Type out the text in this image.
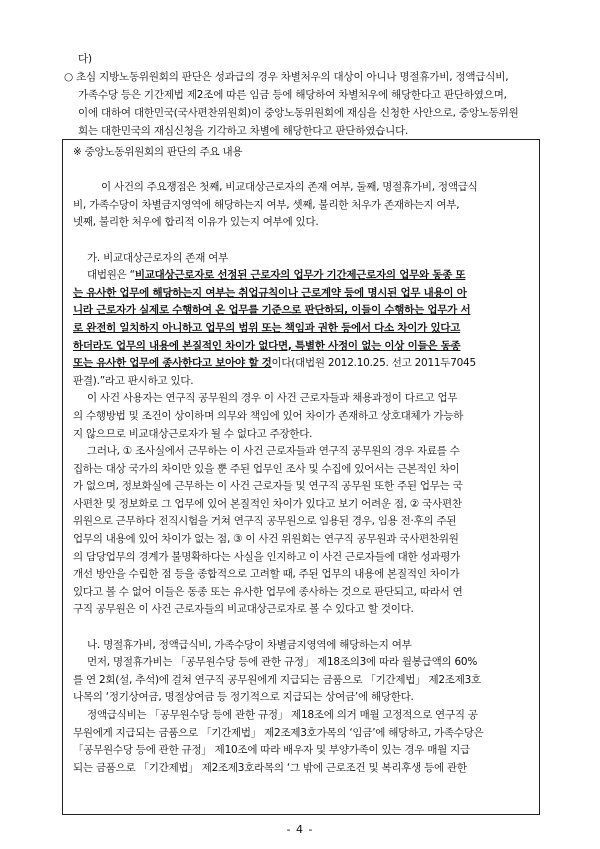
다)
○ 초심 지방노동위원회의 판단은 성과급의 경우 차별처우의 대상이 아니나 명절휴가비, 정액급식비,
가족수당 등은 기간제법 제2조에 따른 임금 등에 해당하여 차별처우에 해당한다고 판단하였으며,
이에 대하여 대한민국(국사편찬위원회)이 중앙노동위원회에 재심을 신청한 사안으로, 중앙노동위원
회는 대한민국의 재심신청을 기각하고 차별에 해당한다고 판단하였습니다.
※ 중앙노동위원회의 판단의 주요 내용
이 사건의 주요쟁점은 첫째, 비교대상근로자의 존재 여부, 둘째, 명절휴가비, 정액급식
비, 가족수당이 차별금지영역에 해당하는지 여부, 셋째, 불리한 처우가 존재하는지 여부,
넷째, 불리한 처우에 합리적 이유가 있는지 여부에 있다.
가. 비교대상근로자의 존재 여부
대법원은 “비교대상근로자로 선정된 근로자의 업무가 기간제근로자의 업무와 동종 또
는 유사한 업무에 해당하는지 여부는 취업규칙이나 근로계약 등에 명시된 업무 내용이 아
니라 근로자가 실제로 수행하여 온 업무를 기준으로 판단하되, 이들이 수행하는 업무가 서
로 완전히 일치하지 아니하고 업무의 범위 또는 책임과 권한 등에서 다소 차이가 있다고
하더라도 업무의 내용에 본질적인 차이가 없다면, 특별한 사정이 없는 이상 이들은 동종
또는 유사한 업무에 종사한다고 보아야 할 것이다(대법원 2012.10.25. 선고 2011두7045
판결).”라고 판시하고 있다.
이 사건 사용자는 연구직 공무원의 경우 이 사건 근로자들과 채용과정이 다르고 업무
의 수행방법 및 조건이 상이하며 의무와 책임에 있어 차이가 존재하고 상호대체가 가능하
지 않으므로 비교대상근로자가 될 수 없다고 주장한다.
그러나, ① 조사실에서 근무하는 이 사건 근로자들과 연구직 공무원의 경우 자료를 수
집하는 대상 국가의 차이만 있을 뿐 주된 업무인 조사 및 수집에 있어서는 근본적인 차이
가 없으며, 정보화실에 근무하는 이 사건 근로자들 및 연구직 공무원 또한 주된 업무는 국
사편찬 및 정보화로 그 업무에 있어 본질적인 차이가 있다고 보기 어려운 점, ② 국사편찬
위원으로 근무하다 전직시험을 거쳐 연구직 공무원으로 임용된 경우, 임용 전·후의 주된
업무의 내용에 있어 차이가 없는 점, ③ 이 사건 위원회는 연구직 공무원과 국사편찬위원
의 담당업무의 경계가 불명확하다는 사실을 인지하고 이 사건 근로자들에 대한 성과평가
개선 방안을 수립한 점 등을 종합적으로 고려할 때, 주된 업무의 내용에 본질적인 차이가
있다고 볼 수 없어 이들은 동종 또는 유사한 업무에 종사하는 것으로 판단되고, 따라서 연
구직 공무원은 이 사건 근로자들의 비교대상근로자로 볼 수 있다고 할 것이다.
나. 명절휴가비, 정액급식비, 가족수당이 차별금지영역에 해당하는지 여부
먼저, 명절휴가비는 「공무원수당 등에 관한 규정」 제18조의3에 따라 월봉급액의 60%
를 연 2회(설, 추석)에 걸쳐 연구직 공무원에게 지급되는 금품으로 「기간제법」 제2조제3호
나목의 ‘정기상여금, 명절상여금 등 정기적으로 지급되는 상여금’에 해당한다.
정액급식비는 「공무원수당 등에 관한 규정」 제18조에 의거 매월 고정적으로 연구직 공
무원에게 지급되는 금품으로 「기간제법」 제2조제3호가목의 ‘임금’에 해당하고, 가족수당은
「공무원수당 등에 관한 규정」 제10조에 따라 배우자 및 부양가족이 있는 경우 매월 지급
되는 금품으로 「기간제법」 제2조제3호라목의 ‘그 밖에 근로조건 및 복리후생 등에 관한
- 4 -
